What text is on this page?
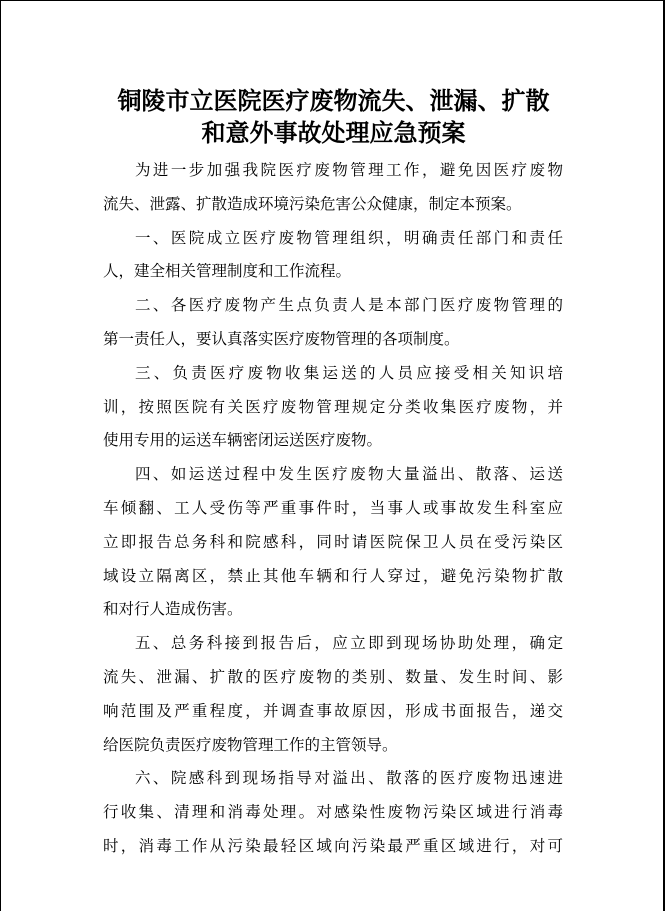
铜陵市立医院医疗废物流失、泄漏、扩散
和意外事故处理应急预案
为进一步加强我院医疗废物管理工作，避免因医疗废物
流失、泄露、扩散造成环境污染危害公众健康，制定本预案。
一、医院成立医疗废物管理组织，明确责任部门和责任
人，建全相关管理制度和工作流程。
二、各医疗废物产生点负责人是本部门医疗废物管理的
第一责任人，要认真落实医疗废物管理的各项制度。
三、负责医疗废物收集运送的人员应接受相关知识培
训，按照医院有关医疗废物管理规定分类收集医疗废物，并
使用专用的运送车辆密闭运送医疗废物。
四、如运送过程中发生医疗废物大量溢出、散落、运送
车倾翻、工人受伤等严重事件时，当事人或事故发生科室应
立即报告总务科和院感科，同时请医院保卫人员在受污染区
域设立隔离区，禁止其他车辆和行人穿过，避免污染物扩散
和对行人造成伤害。
五、总务科接到报告后，应立即到现场协助处理，确定
流失、泄漏、扩散的医疗废物的类别、数量、发生时间、影
响范围及严重程度，并调查事故原因，形成书面报告，递交
给医院负责医疗废物管理工作的主管领导。
六、院感科到现场指导对溢出、散落的医疗废物迅速进
行收集、清理和消毒处理。对感染性废物污染区域进行消毒
时，消毒工作从污染最轻区域向污染最严重区域进行，对可
